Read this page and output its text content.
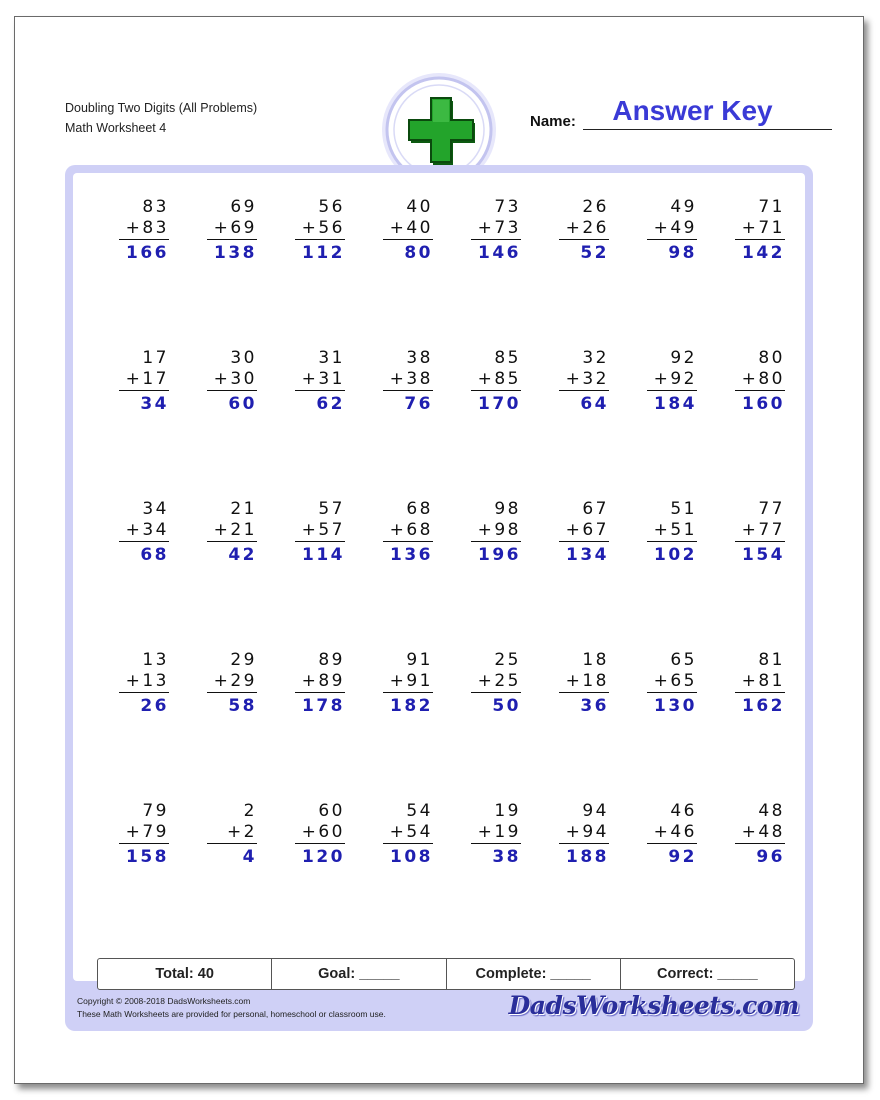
Doubling Two Digits (All Problems)
Math Worksheet 4	Name:	Answer Key
83
+83
166
69
+69
138
56
+56
112
40
+40
80
73
+73
146
26
+26
52
49
+49
98
71
+71
142
17
+17
34
30
+30
60
31
+31
62
38
+38
76
85
+85
170
32
+32
64
92
+92
184
80
+80
160
34
+34
68
21
+21
42
57
+57
114
68
+68
136
98
+98
196
67
+67
134
51
+51
102
77
+77
154
13
+13
26
29
+29
58
89
+89
178
91
+91
182
25
+25
50
18
+18
36
65
+65
130
81
+81
162
79
+79
158
2
+2
4
60
+60
120
54
+54
108
19
+19
38
94
+94
188
46
+46
92
48
+48
96
Total: 40	Goal: _____	Complete: _____	Correct: _____
Copyright © 2008-2018 DadsWorksheets.com
These Math Worksheets are provided for personal, homeschool or classroom use.	DadsWorksheets.com
